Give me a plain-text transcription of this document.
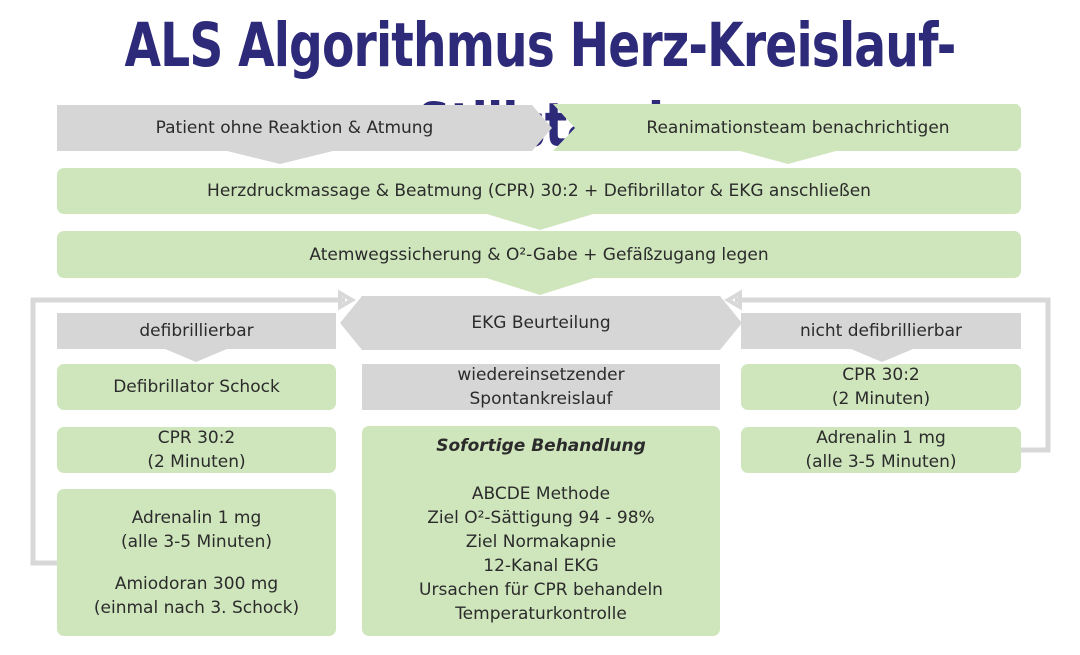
ALS Algorithmus Herz-Kreislauf- ta
Patient ohne Reaktion & Atmung	Reanimationsteam benachrichtigen
Herzdruckmassage & Beatmung (CPR) 30:2 + Defibrillator & EKG anschließen
Atemwegssicherung & O²-Gabe + Gefäßzugang legen
EKG Beurteilung
defibrillierbar
Defibrillator Schock
CPR 30:2
(2 Minuten)
Adrenalin 1 mg
(alle 3-5 Minuten)
Amiodoran 300 mg
(einmal nach 3. Schock)
wiedereinsetzender
Spontankreislauf
Sofortige Behandlung
ABCDE Methode
Ziel O²-Sättigung 94 - 98%
Ziel Normakapnie
12-Kanal EKG
Ursachen für CPR behandeln
Temperaturkontrolle
nicht defibrillierbar
CPR 30:2
(2 Minuten)
Adrenalin 1 mg
(alle 3-5 Minuten)
